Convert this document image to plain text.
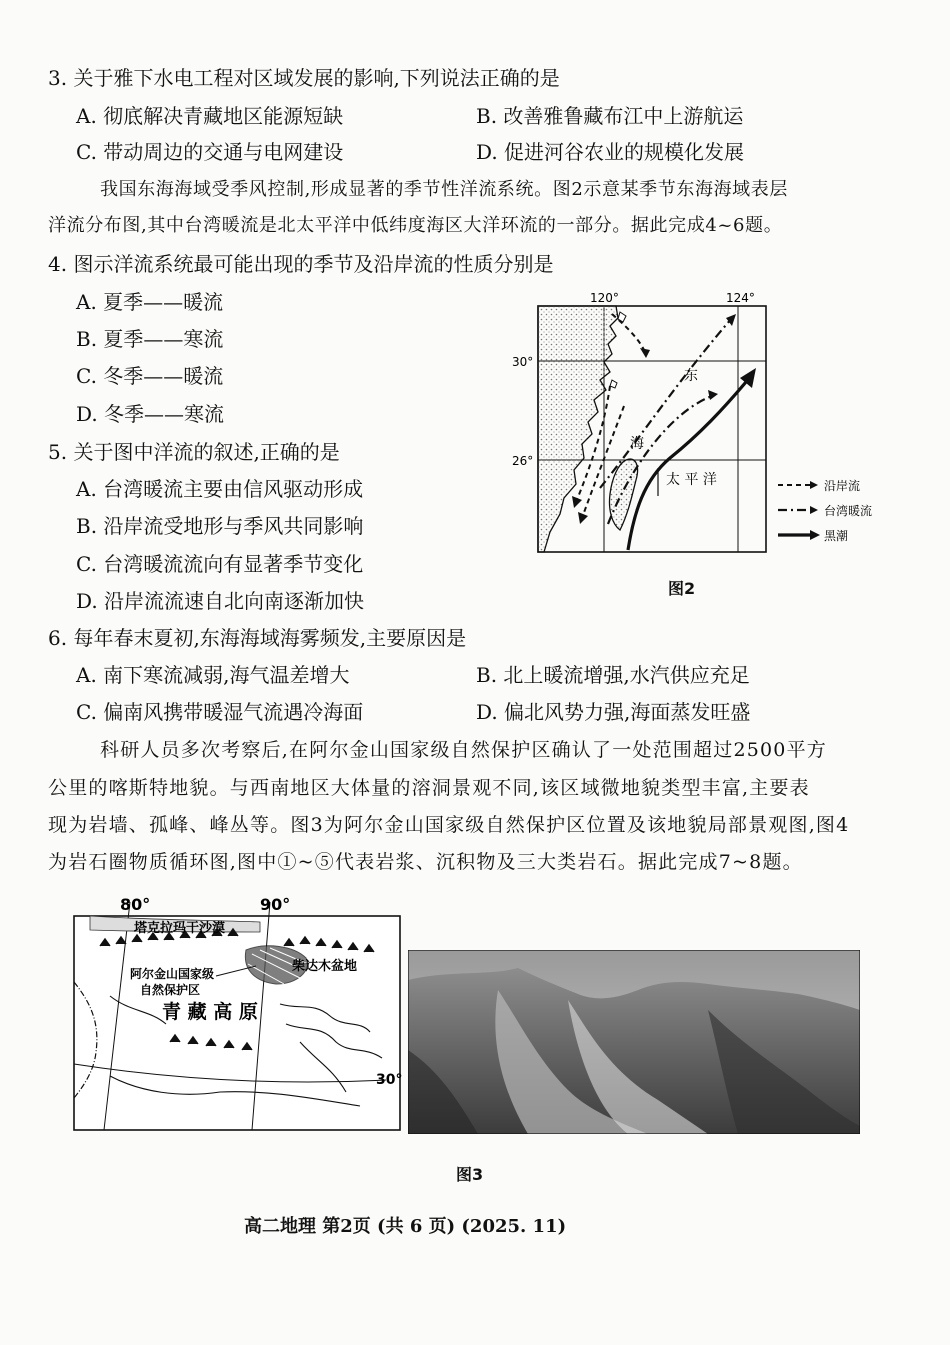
3. 关于雅下水电工程对区域发展的影响,下列说法正确的是
A. 彻底解决青藏地区能源短缺	B. 改善雅鲁藏布江中上游航运
C. 带动周边的交通与电网建设	D. 促进河谷农业的规模化发展
我国东海海域受季风控制,形成显著的季节性洋流系统。图2示意某季节东海海域表层
洋流分布图,其中台湾暖流是北太平洋中低纬度海区大洋环流的一部分。据此完成4~6题。
4. 图示洋流系统最可能出现的季节及沿岸流的性质分别是
A. 夏季——暖流
B. 夏季——寒流
C. 冬季——暖流
D. 冬季——寒流
5. 关于图中洋流的叙述,正确的是
A. 台湾暖流主要由信风驱动形成
B. 沿岸流受地形与季风共同影响
C. 台湾暖流流向有显著季节变化
D. 沿岸流流速自北向南逐渐加快
6. 每年春末夏初,东海海域海雾频发,主要原因是
A. 南下寒流减弱,海气温差增大	B. 北上暖流增强,水汽供应充足
C. 偏南风携带暖湿气流遇冷海面	D. 偏北风势力强,海面蒸发旺盛
科研人员多次考察后,在阿尔金山国家级自然保护区确认了一处范围超过2500平方
公里的喀斯特地貌。与西南地区大体量的溶洞景观不同,该区域微地貌类型丰富,主要表
现为岩墙、孤峰、峰丛等。图3为阿尔金山国家级自然保护区位置及该地貌局部景观图,图4
为岩石圈物质循环图,图中①~⑤代表岩浆、沉积物及三大类岩石。据此完成7~8题。
120°	124°
30°
26°
东
海
太 平 洋	沿岸流
台湾暖流
黑潮
图2
80°	90°
30°
塔克拉玛干沙漠
阿尔金山国家级
自然保护区
柴达木盆地
青 藏 高 原
图3
高二地理 第2页 (共 6 页) (2025. 11)
